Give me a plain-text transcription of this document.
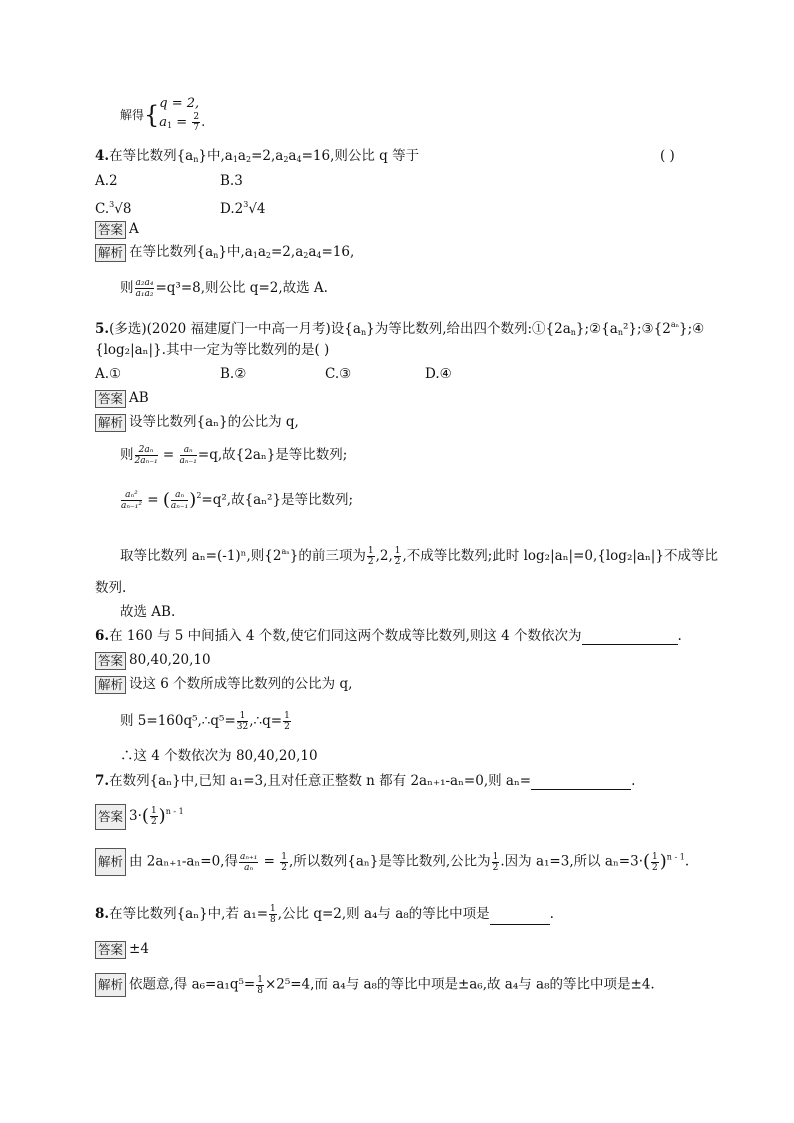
解得{ q = 2,
$a_1 = \frac{2}{7}$ .
4.在等比数列$\{a_n\}$中$,a_1a_2=2,a_2a_4=16$,则公比 q 等于	( )
A.2	B.3
C.$^3$√8	$D.2^3√4$
答案 A
解析 在等比数列$\{a_n\}$中$,a_1a_2=2,a_2a_4=16$,
则 $\frac{\text{a₂a₄}}{\text{a₁a₂}} =q^3=8$,则公比 q=2,故选 A.
5.(多选)(2020 福建厦门一中高一月考)设$\{a_n\}$为等比数列,给出四个数列$:①\{2a_n\};②\{a_n^2\};③\{2^{a_n}\};④$
{log₂|aₙ|}.其中一定为等比数列的是( )
A.①	B.②	C.③	D.④
答案 AB
解析 设等比数列{aₙ}的公比为 q,
则 $\frac{\text{2aₙ}}{\text{2aₙ₋₁}} = \frac{\text{aₙ}}{\text{aₙ₋₁}} =q$,故{2aₙ}是等比数列;
$\frac{\text{aₙ²}}{\text{aₙ₋₁²}}$ = ( $\frac{\text{aₙ}}{\text{aₙ₋₁}} )^2=q^2$,故{aₙ²}是等比数列;
取等比数列 aₙ=(-1)ⁿ,则$\{2^{a_n}\}$的前三项为 $\frac{1}{2} ,2$, $\frac{1}{2}$ ,不成等比数列;此时 log₂|aₙ|=0,{log₂|aₙ|}不成等比
数列.
故选 AB.
6.在 160 与 5 中间插入 4 个数,使它们同这两个数成等比数列,则这 4 个数依次为	.
答案 80,40,20,10
解析 设这 6 个数所成等比数列的公比为 q,
则 5=160q⁵,∴q⁵= $\frac{1}{32}$ ,∴q= $\frac{1}{2}$
∴这 4 个数依次为 80,40,20,10
7.在数列{aₙ}中,已知 a₁=3,且对任意正整数 n 都有 2aₙ₊₁-aₙ=0,则 aₙ=	.
答案 $3\cdot( \frac{1}{2} )^{n - 1}$
解析 由 2aₙ₊₁-aₙ=0,得 $\frac{\text{aₙ₊₁}}{\text{aₙ}} = \frac{1}{2}$ ,所以数列{aₙ}是等比数列,公比为 $\frac{1}{2}$ .因为 a₁=3,所以 $a_n=3\cdot( \frac{1}{2} )^{n - 1}$.
8.在等比数列{aₙ}中,若 $a_1= \frac{1}{8}$ ,公比 q=2,则 a₄与 a₈的等比中项是	.
答案 ±4
解析 依题意,得 $a_6=a_1q^5= \frac{1}{8} \times 2^5=4$,而 a₄与 a₈的等比中项是±a₆,故 a₄与 a₈的等比中项是±4.
